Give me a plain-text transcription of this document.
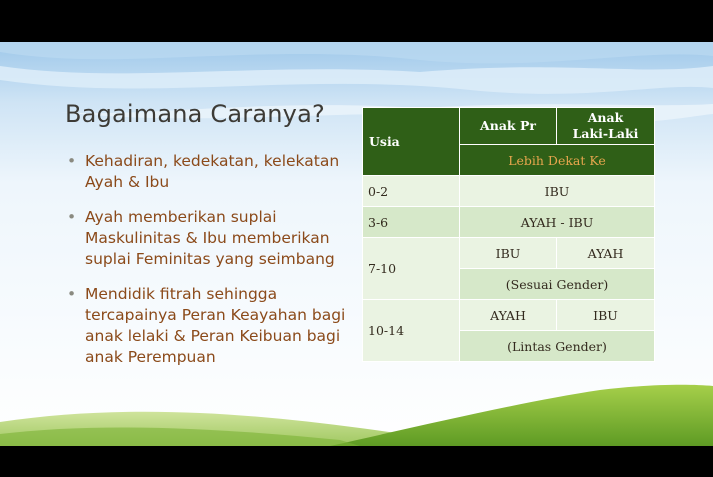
Bagaimana Caranya?
• Kehadiran, kedekatan, kelekatan Ayah & Ibu
• Ayah memberikan suplai Maskulinitas & Ibu memberikan suplai Feminitas yang seimbang
• Mendidik fitrah sehingga tercapainya Peran Keayahan bagi anak lelaki & Peran Keibuan bagi anak Perempuan
Usia	Anak Pr	Anak
Laki-Laki
	Lebih Dekat Ke	
0-2	IBU	
3-6	AYAH - IBU	
7-10	IBU	AYAH
	(Sesuai Gender)	
10-14	AYAH	IBU
	(Lintas Gender)	
